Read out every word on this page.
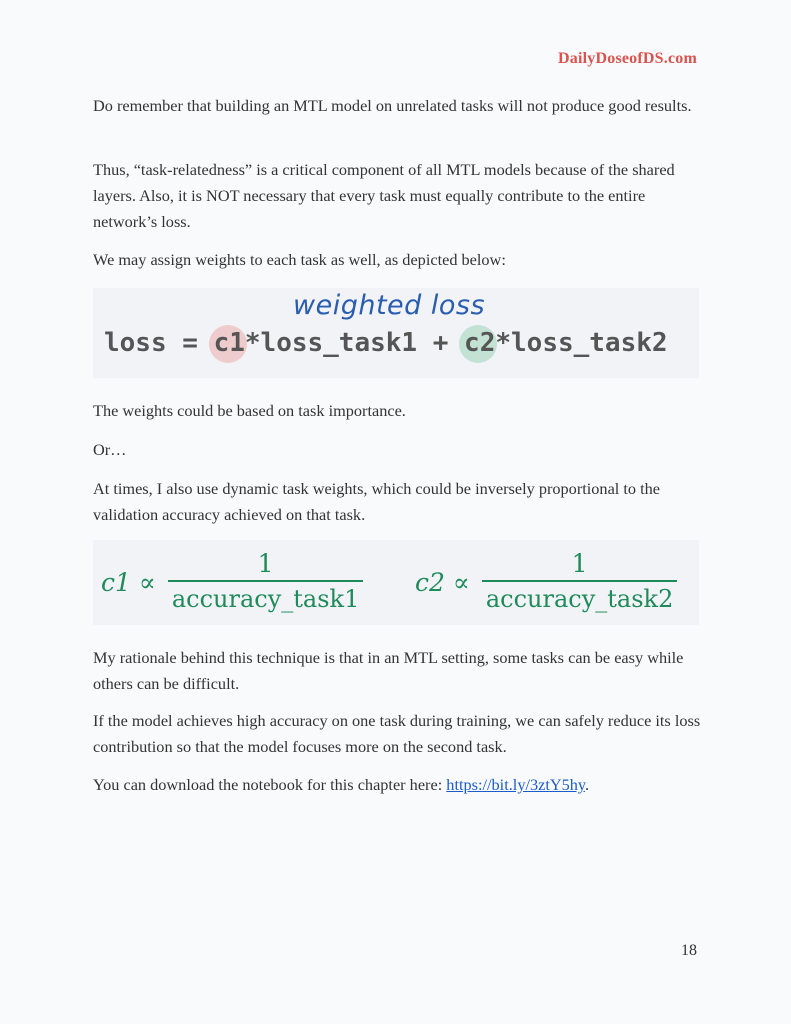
DailyDoseofDS.com

Do remember that building an MTL model on unrelated tasks will not produce good results.

Thus, “task-relatedness” is a critical component of all MTL models because of the shared layers. Also, it is NOT necessary that every task must equally contribute to the entire network’s loss.

We may assign weights to each task as well, as depicted below:

weighted loss
loss = c1*loss_task1 + c2*loss_task2

The weights could be based on task importance.

Or…

At times, I also use dynamic task weights, which could be inversely proportional to the validation accuracy achieved on that task.

$c1 \propto \frac{1}{\text{accuracy\_task1}} c2 \propto \frac{1}{\text{accuracy\_task2}}$

My rationale behind this technique is that in an MTL setting, some tasks can be easy while others can be difficult.

If the model achieves high accuracy on one task during training, we can safely reduce its loss contribution so that the model focuses more on the second task.

You can download the notebook for this chapter here: https://bit.ly/3ztY5hy.

18
